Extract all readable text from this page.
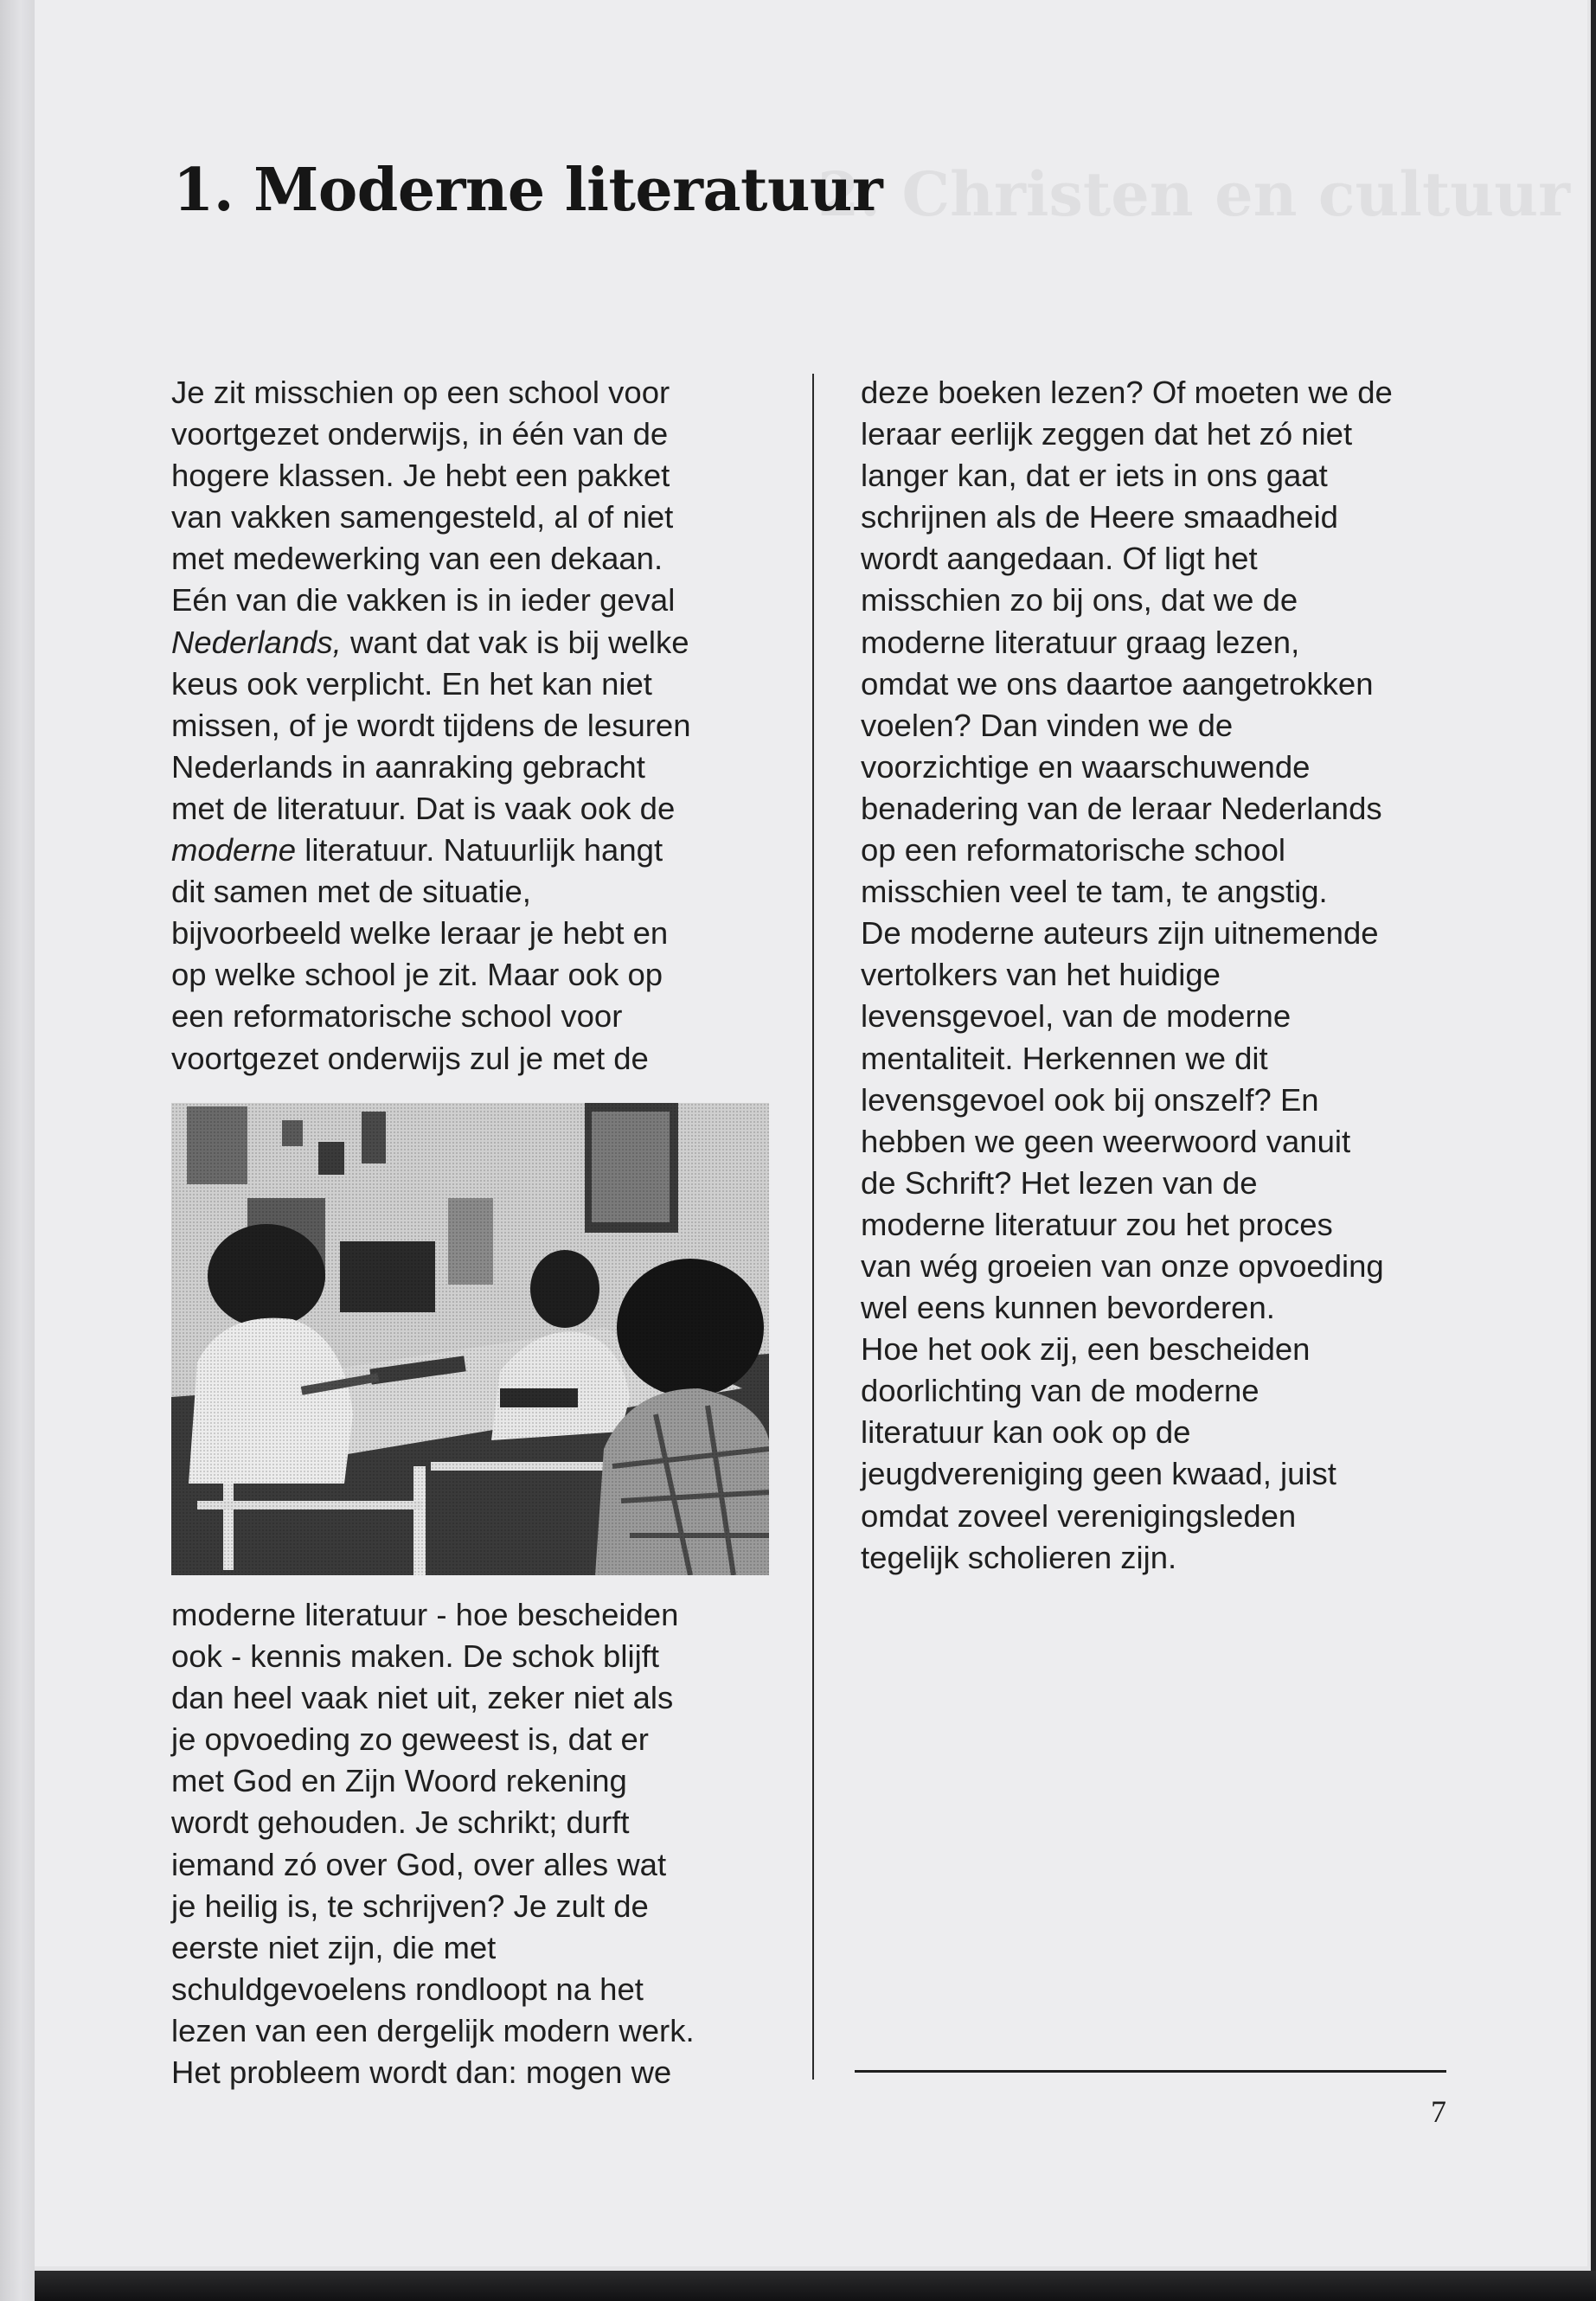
1. Moderne literatuur
2. Christen en cultuur

Je zit misschien op een school voor
voortgezet onderwijs, in één van de
hogere klassen. Je hebt een pakket
van vakken samengesteld, al of niet
met medewerking van een dekaan.
Eén van die vakken is in ieder geval
Nederlands, want dat vak is bij welke
keus ook verplicht. En het kan niet
missen, of je wordt tijdens de lesuren
Nederlands in aanraking gebracht
met de literatuur. Dat is vaak ook de
moderne literatuur. Natuurlijk hangt
dit samen met de situatie,
bijvoorbeeld welke leraar je hebt en
op welke school je zit. Maar ook op
een reformatorische school voor
voortgezet onderwijs zul je met de

moderne literatuur - hoe bescheiden
ook - kennis maken. De schok blijft
dan heel vaak niet uit, zeker niet als
je opvoeding zo geweest is, dat er
met God en Zijn Woord rekening
wordt gehouden. Je schrikt; durft
iemand zó over God, over alles wat
je heilig is, te schrijven? Je zult de
eerste niet zijn, die met
schuldgevoelens rondloopt na het
lezen van een dergelijk modern werk.
Het probleem wordt dan: mogen we

deze boeken lezen? Of moeten we de
leraar eerlijk zeggen dat het zó niet
langer kan, dat er iets in ons gaat
schrijnen als de Heere smaadheid
wordt aangedaan. Of ligt het
misschien zo bij ons, dat we de
moderne literatuur graag lezen,
omdat we ons daartoe aangetrokken
voelen? Dan vinden we de
voorzichtige en waarschuwende
benadering van de leraar Nederlands
op een reformatorische school
misschien veel te tam, te angstig.
De moderne auteurs zijn uitnemende
vertolkers van het huidige
levensgevoel, van de moderne
mentaliteit. Herkennen we dit
levensgevoel ook bij onszelf? En
hebben we geen weerwoord vanuit
de Schrift? Het lezen van de
moderne literatuur zou het proces
van wég groeien van onze opvoeding
wel eens kunnen bevorderen.
Hoe het ook zij, een bescheiden
doorlichting van de moderne
literatuur kan ook op de
jeugdvereniging geen kwaad, juist
omdat zoveel verenigingsleden
tegelijk scholieren zijn.

7
